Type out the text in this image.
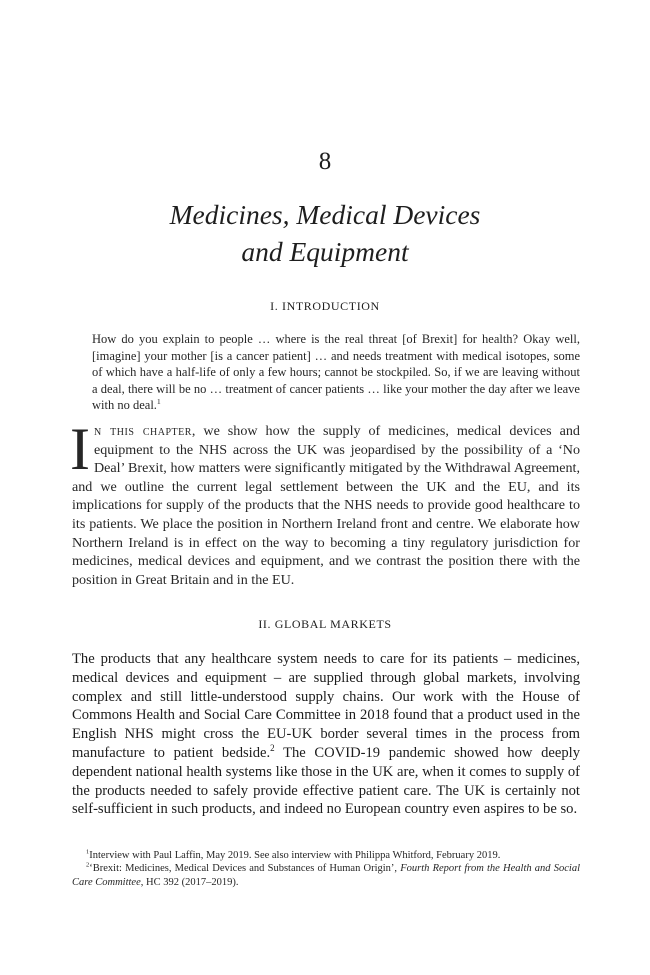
8
Medicines, Medical Devices
and Equipment
I. INTRODUCTION
How do you explain to people … where is the real threat [of Brexit] for health? Okay well, [imagine] your mother [is a cancer patient] … and needs treatment with medical isotopes, some of which have a half-life of only a few hours; cannot be stockpiled. So, if we are leaving without a deal, there will be no … treatment of cancer patients … like your mother the day after we leave with no deal.$^1$
In this chapter, we show how the supply of medicines, medical devices and equipment to the NHS across the UK was jeopardised by the possibility of a ‘No Deal’ Brexit, how matters were significantly mitigated by the Withdrawal Agreement, and we outline the current legal settlement between the UK and the EU, and its implications for supply of the products that the NHS needs to provide good healthcare to its patients. We place the position in Northern Ireland front and centre. We elaborate how Northern Ireland is in effect on the way to becoming a tiny regulatory jurisdiction for medicines, medical devices and equipment, and we contrast the position there with the position in Great Britain and in the EU.
II. GLOBAL MARKETS
The products that any healthcare system needs to care for its patients – medicines, medical devices and equipment – are supplied through global markets, involving complex and still little-understood supply chains. Our work with the House of Commons Health and Social Care Committee in 2018 found that a product used in the English NHS might cross the EU-UK border several times in the process from manufacture to patient bedside.$^2$ The COVID-19 pandemic showed how deeply dependent national health systems like those in the UK are, when it comes to supply of the products needed to safely provide effective patient care. The UK is certainly not self-sufficient in such products, and indeed no European country even aspires to be so.

$^1$Interview with Paul Laffin, May 2019. See also interview with Philippa Whitford, February 2019.

$^2$‘Brexit: Medicines, Medical Devices and Substances of Human Origin’, Fourth Report from the Health and Social Care Committee, HC 392 (2017–2019).
